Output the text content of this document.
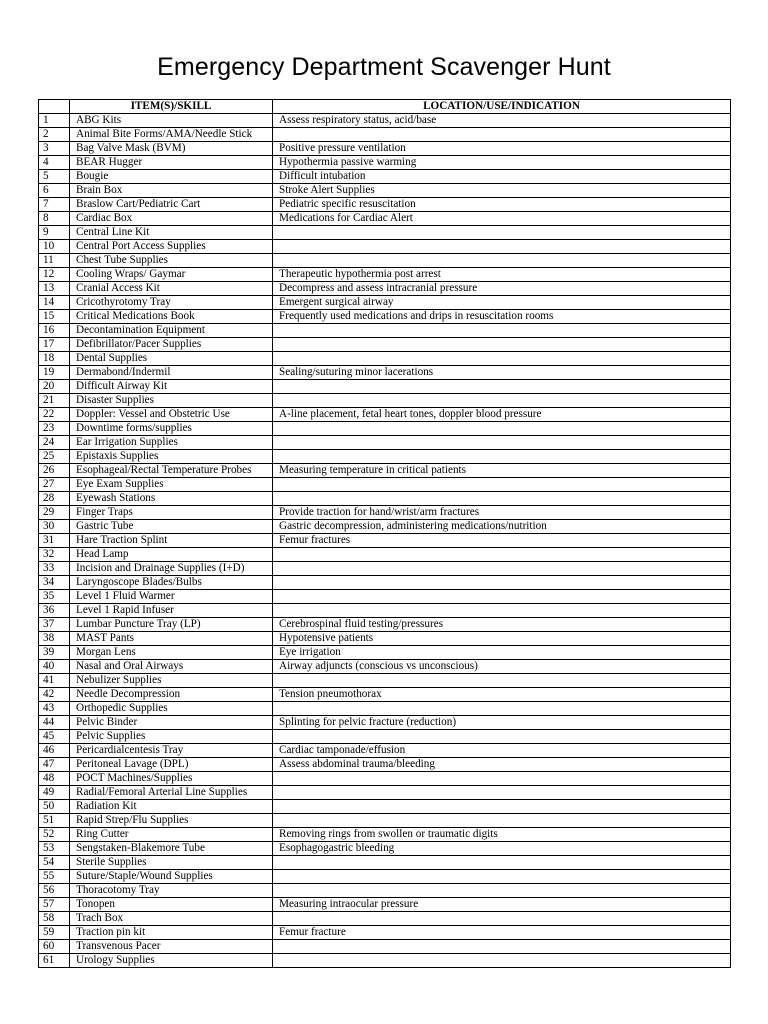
Emergency Department Scavenger Hunt
	ITEM(S)/SKILL	LOCATION/USE/INDICATION
1	ABG Kits	Assess respiratory status, acid/base
2	Animal Bite Forms/AMA/Needle Stick	
3	Bag Valve Mask (BVM)	Positive pressure ventilation
4	BEAR Hugger	Hypothermia passive warming
5	Bougie	Difficult intubation
6	Brain Box	Stroke Alert Supplies
7	Braslow Cart/Pediatric Cart	Pediatric specific resuscitation
8	Cardiac Box	Medications for Cardiac Alert
9	Central Line Kit	
10	Central Port Access Supplies	
11	Chest Tube Supplies	
12	Cooling Wraps/ Gaymar	Therapeutic hypothermia post arrest
13	Cranial Access Kit	Decompress and assess intracranial pressure
14	Cricothyrotomy Tray	Emergent surgical airway
15	Critical Medications Book	Frequently used medications and drips in resuscitation rooms
16	Decontamination Equipment	
17	Defibrillator/Pacer Supplies	
18	Dental Supplies	
19	Dermabond/Indermil	Sealing/suturing minor lacerations
20	Difficult Airway Kit	
21	Disaster Supplies	
22	Doppler: Vessel and Obstetric Use	A-line placement, fetal heart tones, doppler blood pressure
23	Downtime forms/supplies	
24	Ear Irrigation Supplies	
25	Epistaxis Supplies	
26	Esophageal/Rectal Temperature Probes	Measuring temperature in critical patients
27	Eye Exam Supplies	
28	Eyewash Stations	
29	Finger Traps	Provide traction for hand/wrist/arm fractures
30	Gastric Tube	Gastric decompression, administering medications/nutrition
31	Hare Traction Splint	Femur fractures
32	Head Lamp	
33	Incision and Drainage Supplies (I+D)	
34	Laryngoscope Blades/Bulbs	
35	Level 1 Fluid Warmer	
36	Level 1 Rapid Infuser	
37	Lumbar Puncture Tray (LP)	Cerebrospinal fluid testing/pressures
38	MAST Pants	Hypotensive patients
39	Morgan Lens	Eye irrigation
40	Nasal and Oral Airways	Airway adjuncts (conscious vs unconscious)
41	Nebulizer Supplies	
42	Needle Decompression	Tension pneumothorax
43	Orthopedic Supplies	
44	Pelvic Binder	Splinting for pelvic fracture (reduction)
45	Pelvic Supplies	
46	Pericardialcentesis Tray	Cardiac tamponade/effusion
47	Peritoneal Lavage (DPL)	Assess abdominal trauma/bleeding
48	POCT Machines/Supplies	
49	Radial/Femoral Arterial Line Supplies	
50	Radiation Kit	
51	Rapid Strep/Flu Supplies	
52	Ring Cutter	Removing rings from swollen or traumatic digits
53	Sengstaken-Blakemore Tube	Esophagogastric bleeding
54	Sterile Supplies	
55	Suture/Staple/Wound Supplies	
56	Thoracotomy Tray	
57	Tonopen	Measuring intraocular pressure
58	Trach Box	
59	Traction pin kit	Femur fracture
60	Transvenous Pacer	
61	Urology Supplies	
